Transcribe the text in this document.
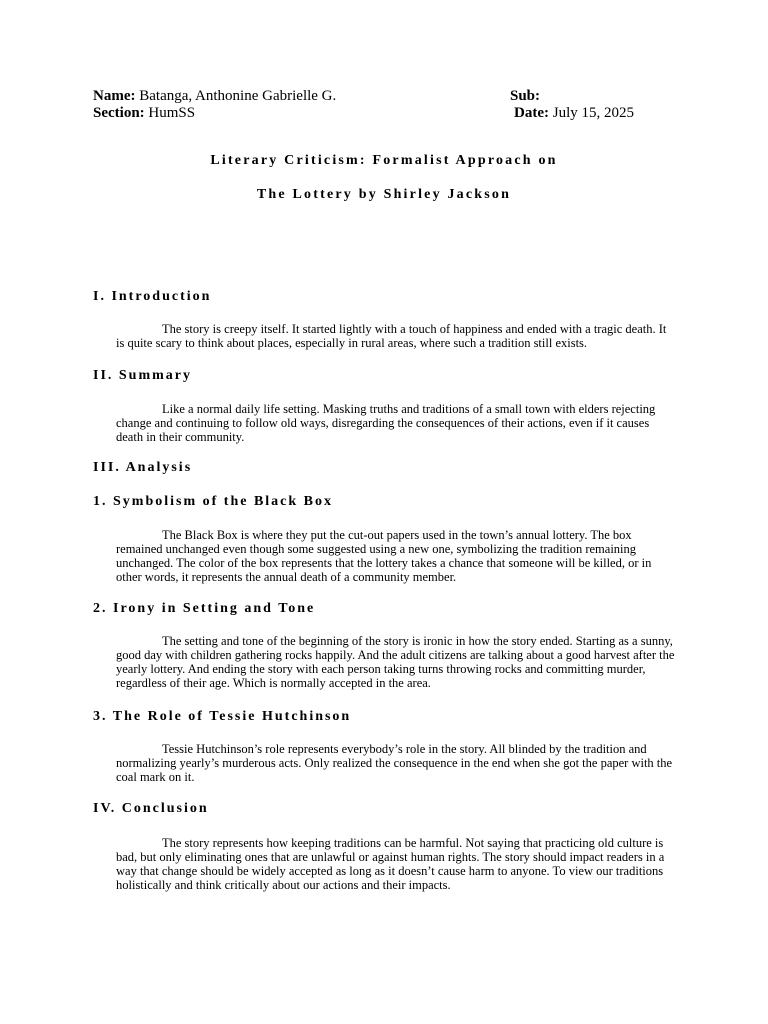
Name: Batanga, Anthonine Gabrielle G.
Section: HumSS
Sub:
Date: July 15, 2025
Literary Criticism: Formalist Approach on
The Lottery by Shirley Jackson
I. Introduction

The story is creepy itself. It started lightly with a touch of happiness and ended with a tragic death. It is quite scary to think about places, especially in rural areas, where such a tradition still exists.

II. Summary

Like a normal daily life setting. Masking truths and traditions of a small town with elders rejecting change and continuing to follow old ways, disregarding the consequences of their actions, even if it causes death in their community.

III. Analysis
1. Symbolism of the Black Box

The Black Box is where they put the cut-out papers used in the town’s annual lottery. The box remained unchanged even though some suggested using a new one, symbolizing the tradition remaining unchanged. The color of the box represents that the lottery takes a chance that someone will be killed, or in other words, it represents the annual death of a community member.

2. Irony in Setting and Tone

The setting and tone of the beginning of the story is ironic in how the story ended. Starting as a sunny, good day with children gathering rocks happily. And the adult citizens are talking about a good harvest after the yearly lottery. And ending the story with each person taking turns throwing rocks and committing murder, regardless of their age. Which is normally accepted in the area.

3. The Role of Tessie Hutchinson

Tessie Hutchinson’s role represents everybody’s role in the story. All blinded by the tradition and normalizing yearly’s murderous acts. Only realized the consequence in the end when she got the paper with the coal mark on it.

IV. Conclusion

The story represents how keeping traditions can be harmful. Not saying that practicing old culture is bad, but only eliminating ones that are unlawful or against human rights. The story should impact readers in a way that change should be widely accepted as long as it doesn’t cause harm to anyone. To view our traditions holistically and think critically about our actions and their impacts.
